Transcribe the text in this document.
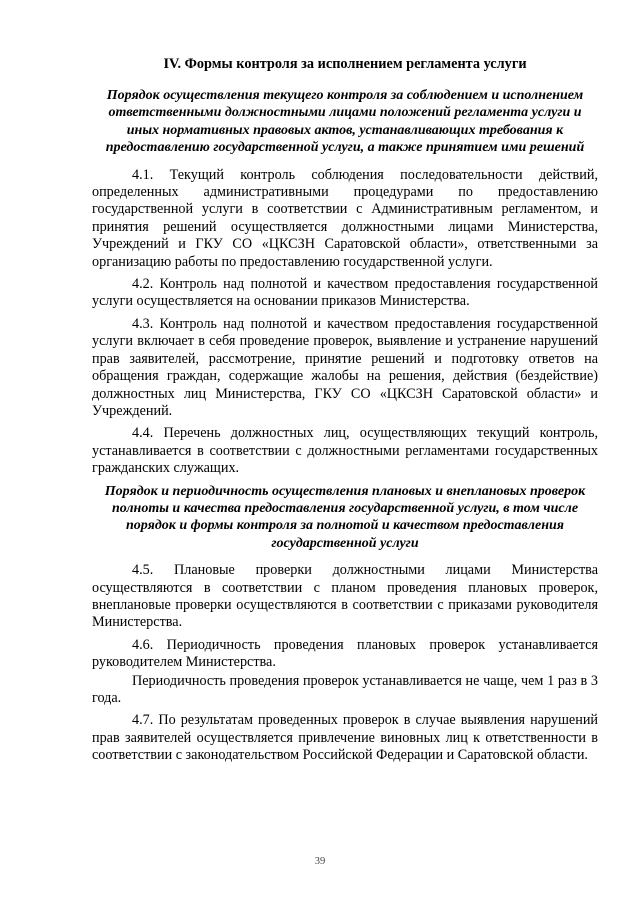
IV. Формы контроля за исполнением регламента услуги

Порядок осуществления текущего контроля за соблюдением и исполнением ответственными должностными лицами положений регламента услуги и иных нормативных правовых актов, устанавливающих требования к предоставлению государственной услуги, а также принятием ими решений

4.1. Текущий контроль соблюдения последовательности действий, определенных административными процедурами по предоставлению государственной услуги в соответствии с Административным регламентом, и принятия решений осуществляется должностными лицами Министерства, Учреждений и ГКУ СО «ЦКСЗН Саратовской области», ответственными за организацию работы по предоставлению государственной услуги.

4.2. Контроль над полнотой и качеством предоставления государственной услуги осуществляется на основании приказов Министерства.

4.3. Контроль над полнотой и качеством предоставления государственной услуги включает в себя проведение проверок, выявление и устранение нарушений прав заявителей, рассмотрение, принятие решений и подготовку ответов на обращения граждан, содержащие жалобы на решения, действия (бездействие) должностных лиц Министерства, ГКУ СО «ЦКСЗН Саратовской области» и Учреждений.

4.4. Перечень должностных лиц, осуществляющих текущий контроль, устанавливается в соответствии с должностными регламентами государственных гражданских служащих.

Порядок и периодичность осуществления плановых и внеплановых проверок полноты и качества предоставления государственной услуги, в том числе порядок и формы контроля за полнотой и качеством предоставления государственной услуги

4.5. Плановые проверки должностными лицами Министерства осуществляются в соответствии с планом проведения плановых проверок, внеплановые проверки осуществляются в соответствии с приказами руководителя Министерства.

4.6. Периодичность проведения плановых проверок устанавливается руководителем Министерства.

Периодичность проведения проверок устанавливается не чаще, чем 1 раз в 3 года.

4.7. По результатам проведенных проверок в случае выявления нарушений прав заявителей осуществляется привлечение виновных лиц к ответственности в соответствии с законодательством Российской Федерации и Саратовской области.

39
